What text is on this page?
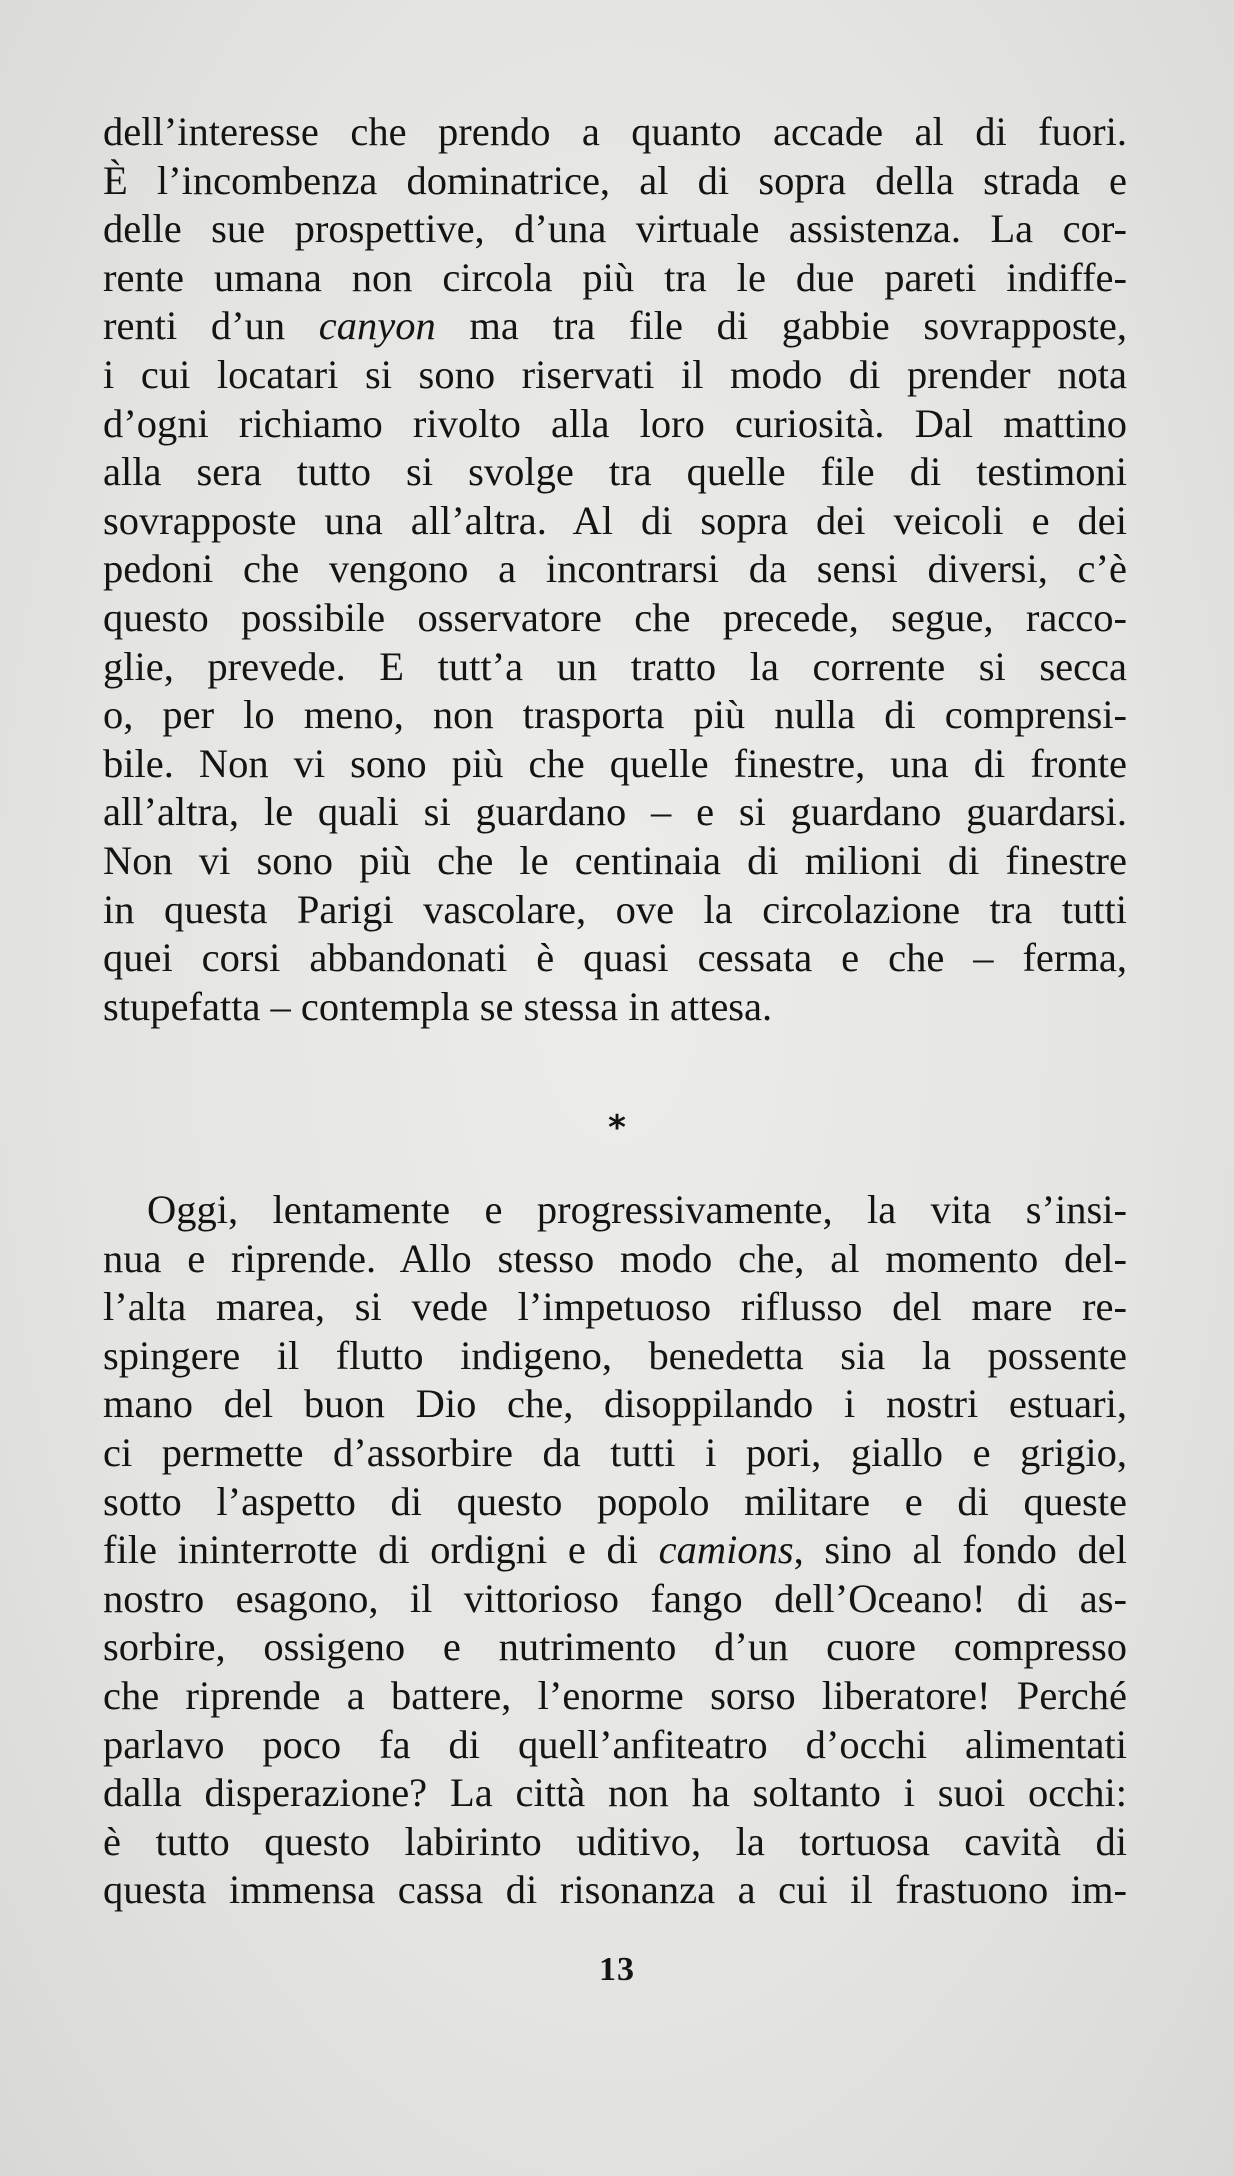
dell’interesse che prendo a quanto accade al di fuori.
È l’incombenza dominatrice, al di sopra della strada e
delle sue prospettive, d’una virtuale assistenza. La cor-
rente umana non circola più tra le due pareti indiffe-
renti d’un canyon ma tra file di gabbie sovrapposte,
i cui locatari si sono riservati il modo di prender nota
d’ogni richiamo rivolto alla loro curiosità. Dal mattino
alla sera tutto si svolge tra quelle file di testimoni
sovrapposte una all’altra. Al di sopra dei veicoli e dei
pedoni che vengono a incontrarsi da sensi diversi, c’è
questo possibile osservatore che precede, segue, racco-
glie, prevede. E tutt’a un tratto la corrente si secca
o, per lo meno, non trasporta più nulla di comprensi-
bile. Non vi sono più che quelle finestre, una di fronte
all’altra, le quali si guardano – e si guardano guardarsi.
Non vi sono più che le centinaia di milioni di finestre
in questa Parigi vascolare, ove la circolazione tra tutti
quei corsi abbandonati è quasi cessata e che – ferma,
stupefatta – contempla se stessa in attesa.
*
Oggi, lentamente e progressivamente, la vita s’insi-
nua e riprende. Allo stesso modo che, al momento del-
l’alta marea, si vede l’impetuoso riflusso del mare re-
spingere il flutto indigeno, benedetta sia la possente
mano del buon Dio che, disoppilando i nostri estuari,
ci permette d’assorbire da tutti i pori, giallo e grigio,
sotto l’aspetto di questo popolo militare e di queste
file ininterrotte di ordigni e di camions, sino al fondo del
nostro esagono, il vittorioso fango dell’Oceano! di as-
sorbire, ossigeno e nutrimento d’un cuore compresso
che riprende a battere, l’enorme sorso liberatore! Perché
parlavo poco fa di quell’anfiteatro d’occhi alimentati
dalla disperazione? La città non ha soltanto i suoi occhi:
è tutto questo labirinto uditivo, la tortuosa cavità di
questa immensa cassa di risonanza a cui il frastuono im-
13
